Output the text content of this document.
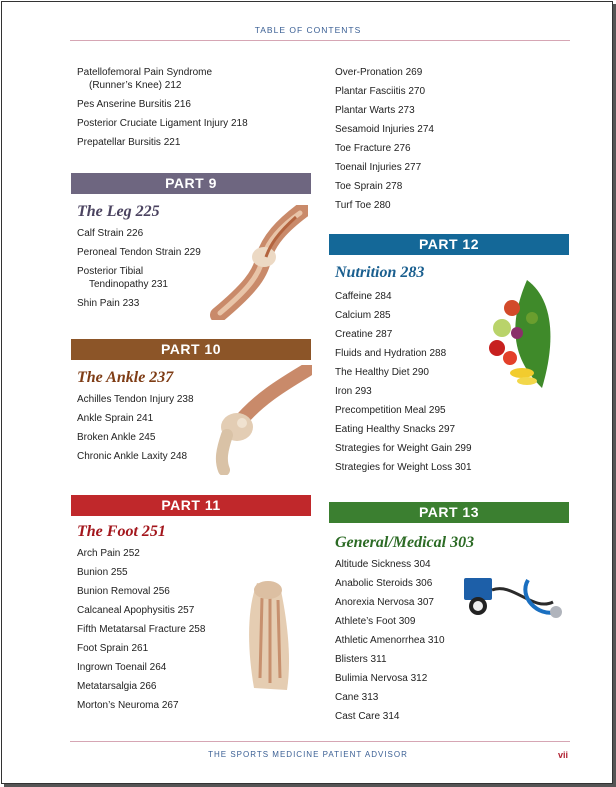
TABLE OF CONTENTS
Patellofemoral Pain Syndrome
(Runner’s Knee) 212
Pes Anserine Bursitis 216
Posterior Cruciate Ligament Injury 218
Prepatellar Bursitis 221
Over-Pronation 269
Plantar Fasciitis 270
Plantar Warts 273
Sesamoid Injuries 274
Toe Fracture 276
Toenail Injuries 277
Toe Sprain 278
Turf Toe 280
PART 9
The Leg 225
Calf Strain 226
Peroneal Tendon Strain 229
Posterior Tibial
Tendinopathy 231
Shin Pain 233
PART 10
The Ankle 237
Achilles Tendon Injury 238
Ankle Sprain 241
Broken Ankle 245
Chronic Ankle Laxity 248
PART 11
The Foot 251
Arch Pain 252
Bunion 255
Bunion Removal 256
Calcaneal Apophysitis 257
Fifth Metatarsal Fracture 258
Foot Sprain 261
Ingrown Toenail 264
Metatarsalgia 266
Morton’s Neuroma 267
PART 12
Nutrition 283
Caffeine 284
Calcium 285
Creatine 287
Fluids and Hydration 288
The Healthy Diet 290
Iron 293
Precompetition Meal 295
Eating Healthy Snacks 297
Strategies for Weight Gain 299
Strategies for Weight Loss 301
PART 13
General/Medical 303
Altitude Sickness 304
Anabolic Steroids 306
Anorexia Nervosa 307
Athlete’s Foot 309
Athletic Amenorrhea 310
Blisters 311
Bulimia Nervosa 312
Cane 313
Cast Care 314
THE SPORTS MEDICINE PATIENT ADVISOR	vii
